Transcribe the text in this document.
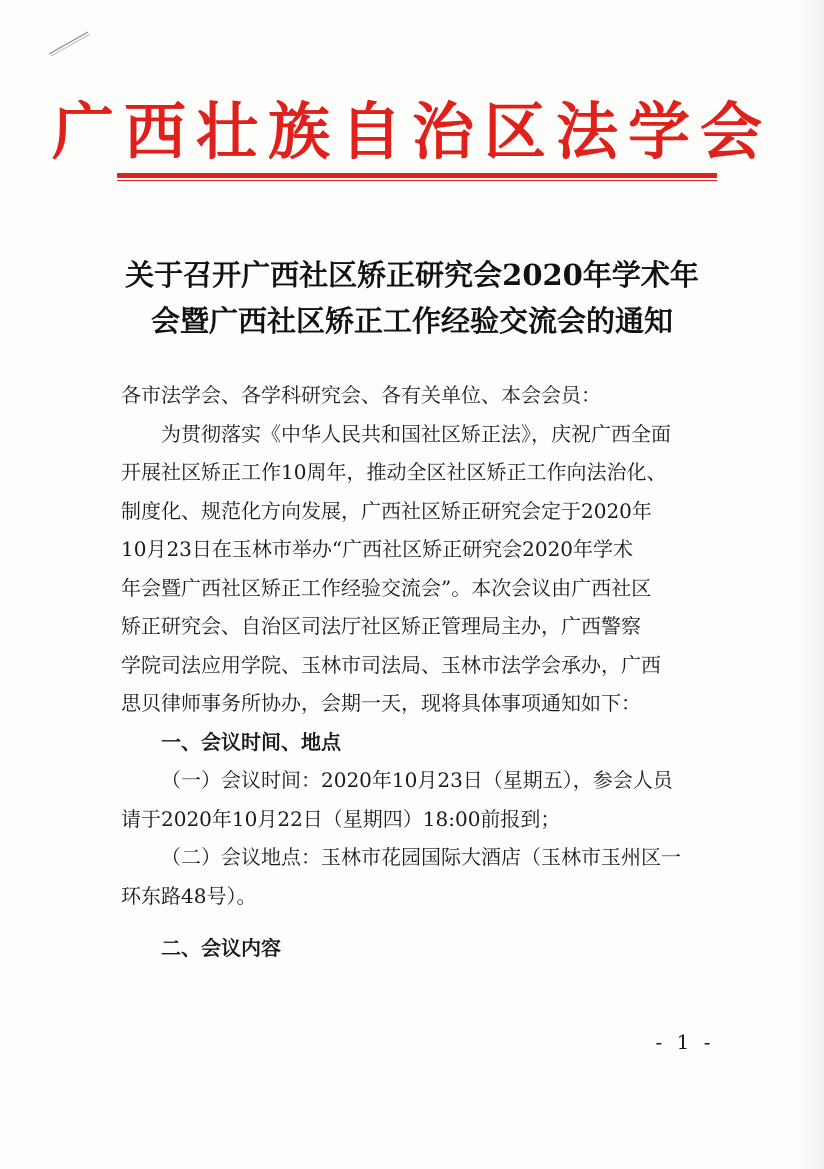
广西壮族自治区法学会
关于召开广西社区矫正研究会2020年学术年
会暨广西社区矫正工作经验交流会的通知

各市法学会、各学科研究会、各有关单位、本会会员：

为贯彻落实《中华人民共和国社区矫正法》，庆祝广西全面

开展社区矫正工作10周年，推动全区社区矫正工作向法治化、

制度化、规范化方向发展，广西社区矫正研究会定于2020年

10月23日在玉林市举办“广西社区矫正研究会2020年学术

年会暨广西社区矫正工作经验交流会”。本次会议由广西社区

矫正研究会、自治区司法厅社区矫正管理局主办，广西警察

学院司法应用学院、玉林市司法局、玉林市法学会承办，广西

思贝律师事务所协办，会期一天，现将具体事项通知如下：

一、会议时间、地点

（一）会议时间：2020年10月23日（星期五），参会人员

请于2020年10月22日（星期四）18:00前报到；

（二）会议地点：玉林市花园国际大酒店（玉林市玉州区一

环东路48号）。

二、会议内容

- 1 -
